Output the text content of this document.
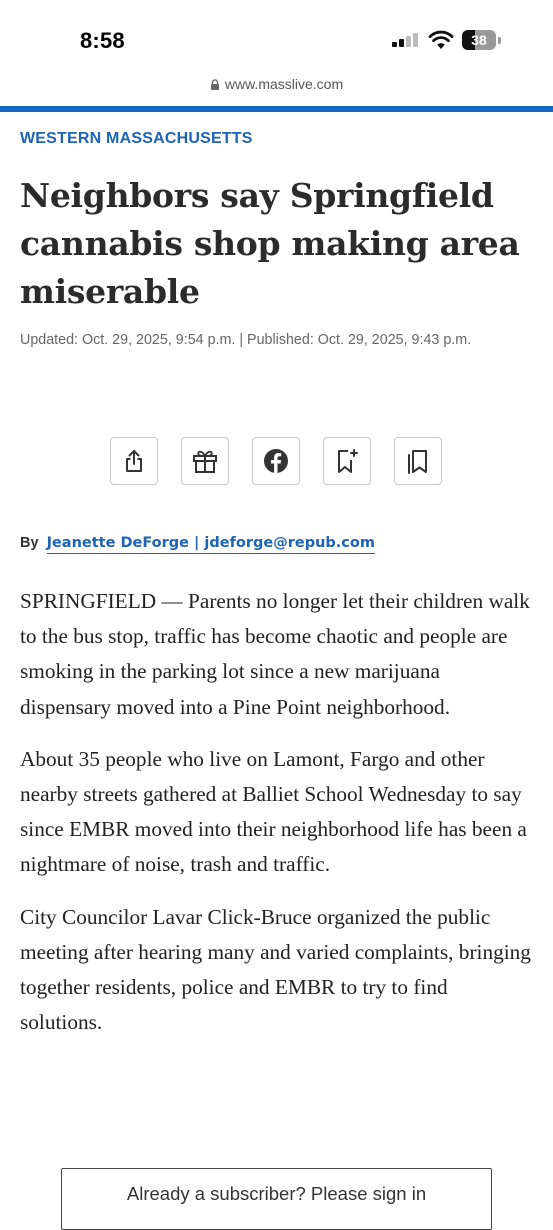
8:58	38
www.masslive.com
WESTERN MASSACHUSETTS
Neighbors say Springfield cannabis shop making area miserable
Updated: Oct. 29, 2025, 9:54 p.m. | Published: Oct. 29, 2025, 9:43 p.m.
By Jeanette DeForge | jdeforge@repub.com

SPRINGFIELD — Parents no longer let their children walk to the bus stop, traffic has become chaotic and people are smoking in the parking lot since a new marijuana dispensary moved into a Pine Point neighborhood.

About 35 people who live on Lamont, Fargo and other nearby streets gathered at Balliet School Wednesday to say since EMBR moved into their neighborhood life has been a nightmare of noise, trash and traffic.

City Councilor Lavar Click-Bruce organized the public meeting after hearing many and varied complaints, bringing together residents, police and EMBR to try to find solutions.

Already a subscriber? Please sign in
